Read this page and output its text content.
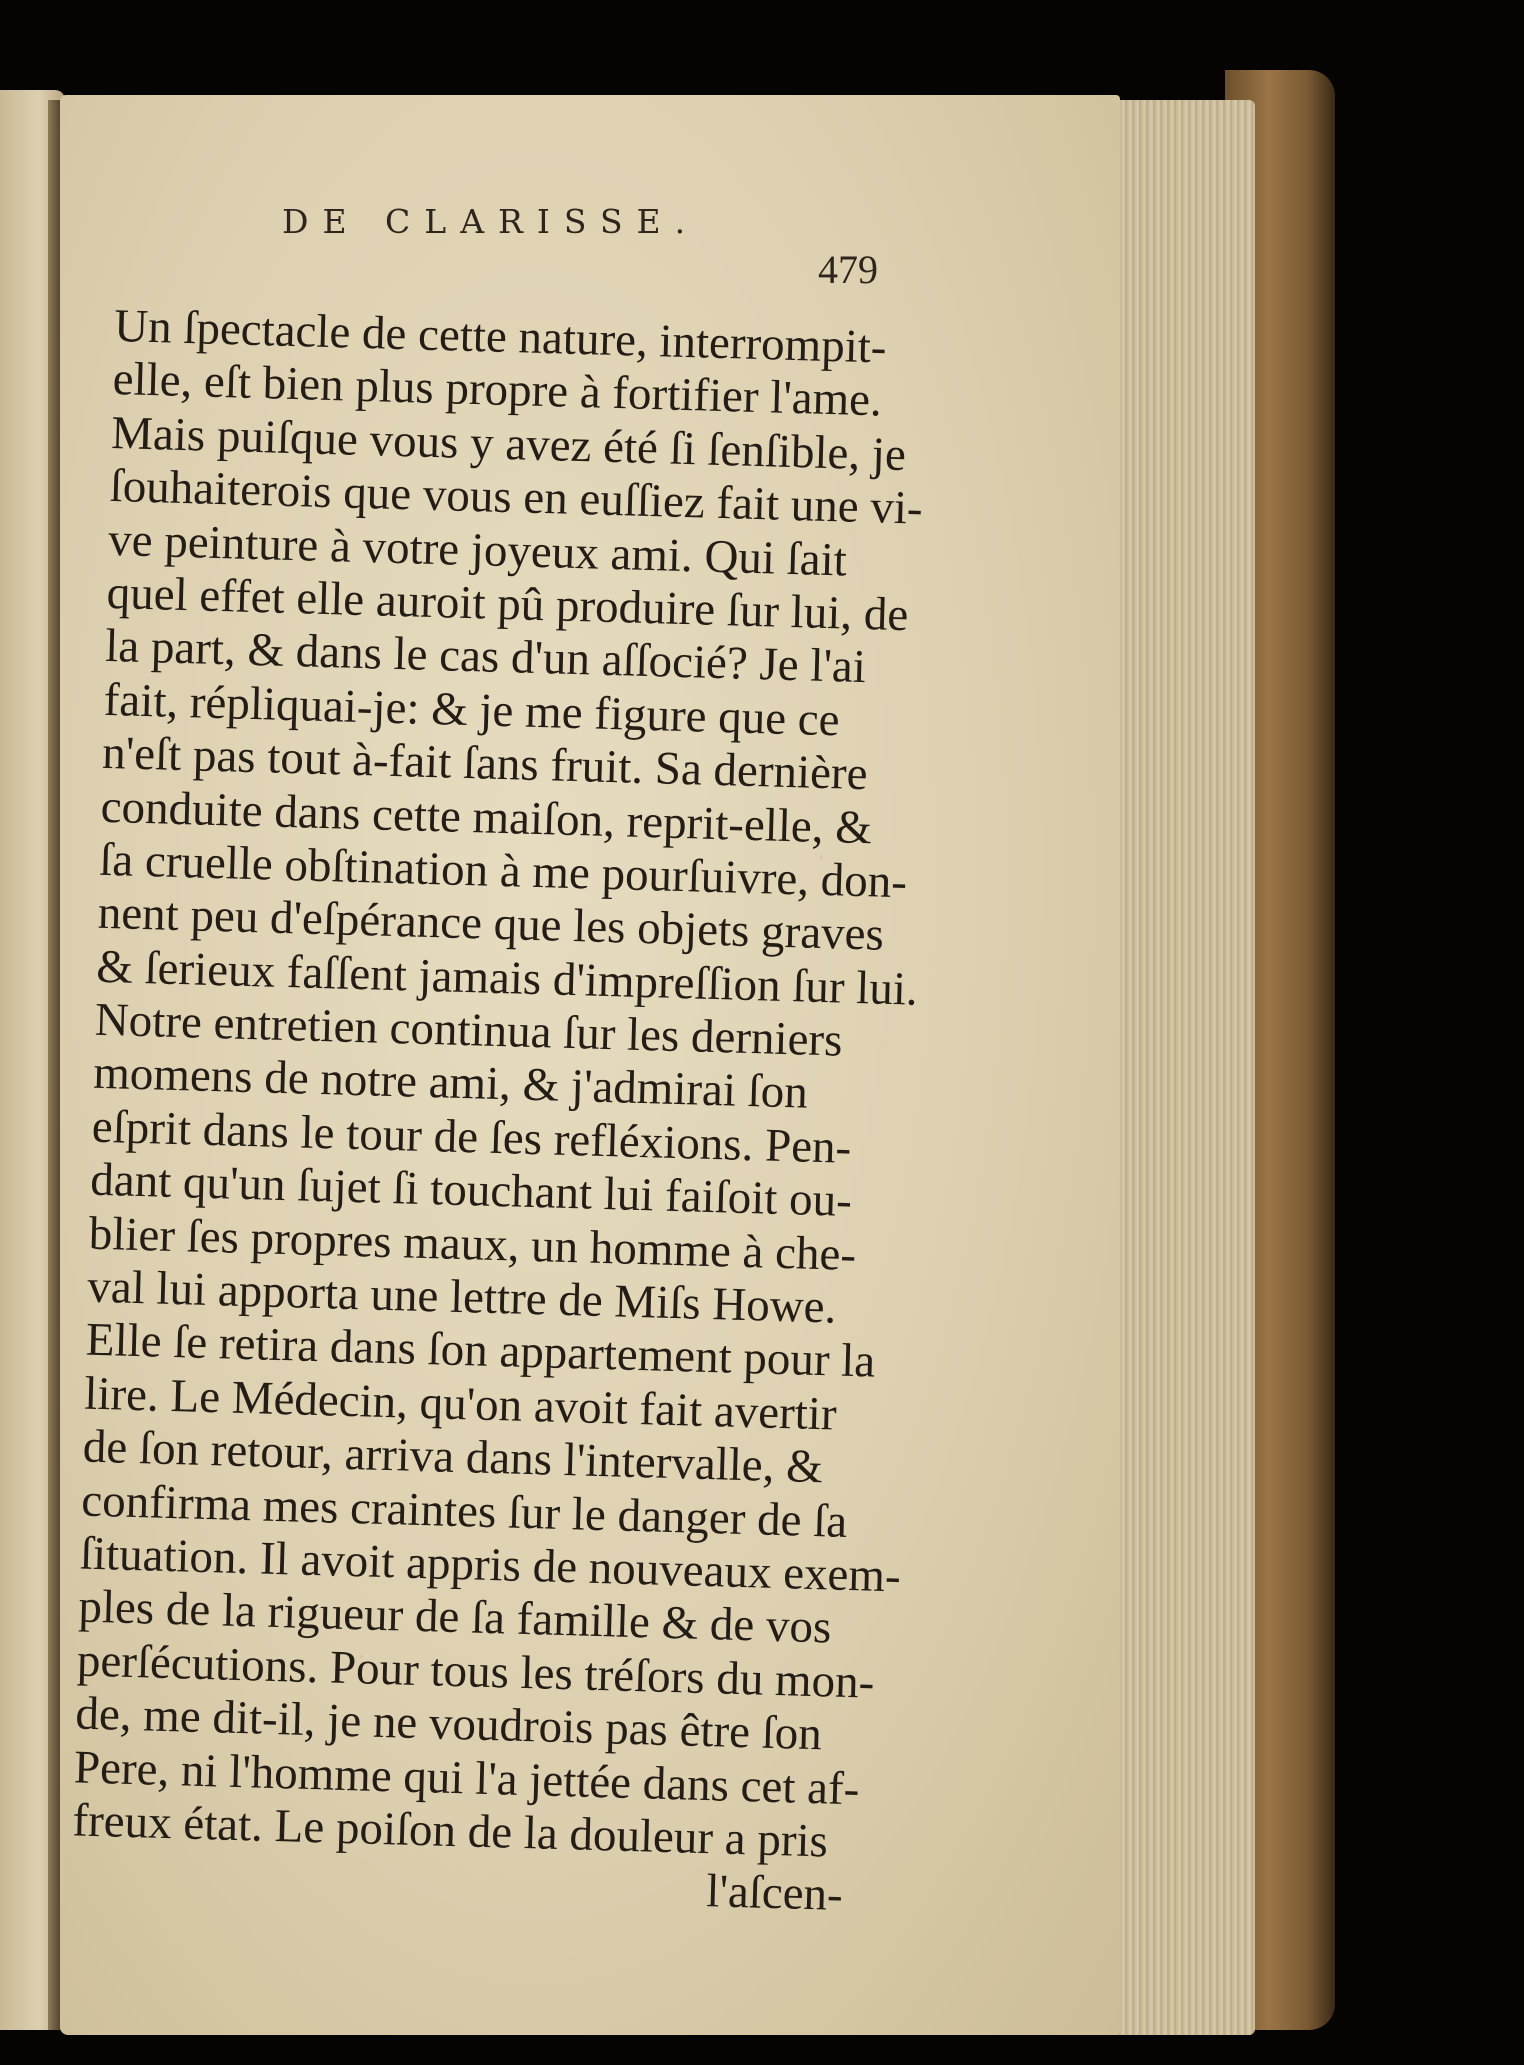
DE CLARISSE.
479
Un ſpectacle de cette nature, interrompit-
elle, eſt bien plus propre à fortifier l'ame.
Mais puiſque vous y avez été ſi ſenſible, je
ſouhaiterois que vous en euſſiez fait une vi-
ve peinture à votre joyeux ami. Qui ſait
quel effet elle auroit pû produire ſur lui, de
la part, & dans le cas d'un aſſocié? Je l'ai
fait, répliquai-je: & je me figure que ce
n'eſt pas tout à-fait ſans fruit. Sa dernière
conduite dans cette maiſon, reprit-elle, &
ſa cruelle obſtination à me pourſuivre, don-
nent peu d'eſpérance que les objets graves
& ſerieux faſſent jamais d'impreſſion ſur lui.
Notre entretien continua ſur les derniers
momens de notre ami, & j'admirai ſon
eſprit dans le tour de ſes refléxions. Pen-
dant qu'un ſujet ſi touchant lui faiſoit ou-
blier ſes propres maux, un homme à che-
val lui apporta une lettre de Miſs Howe.
Elle ſe retira dans ſon appartement pour la
lire. Le Médecin, qu'on avoit fait avertir
de ſon retour, arriva dans l'intervalle, &
confirma mes craintes ſur le danger de ſa
ſituation. Il avoit appris de nouveaux exem-
ples de la rigueur de ſa famille & de vos
perſécutions. Pour tous les tréſors du mon-
de, me dit-il, je ne voudrois pas être ſon
Pere, ni l'homme qui l'a jettée dans cet af-
freux état. Le poiſon de la douleur a pris
l'aſcen-
